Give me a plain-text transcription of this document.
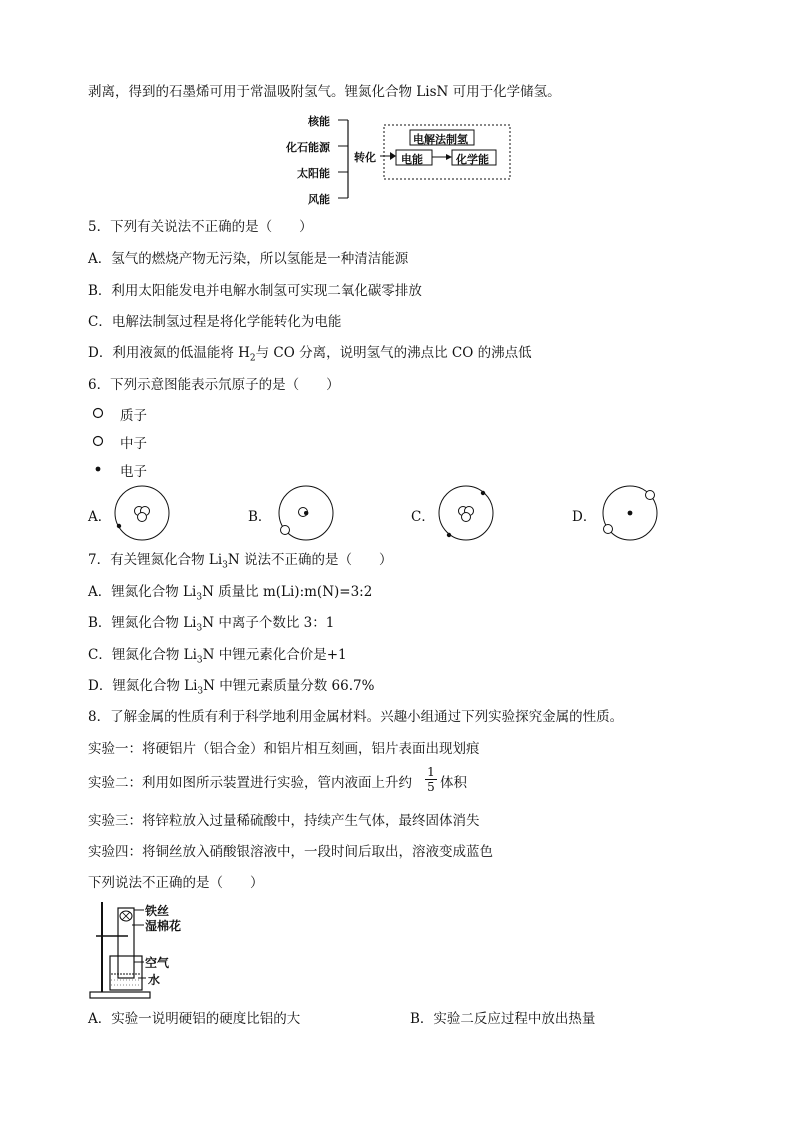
剥离，得到的石墨烯可用于常温吸附氢气。锂氮化合物 LisN 可用于化学储氢。
核能
化石能源
太阳能
风能
转化
电解法制氢
电能	化学能
5．下列有关说法不正确的是（　　）
A．氢气的燃烧产物无污染，所以氢能是一种清洁能源
B．利用太阳能发电并电解水制氢可实现二氧化碳零排放
C．电解法制氢过程是将化学能转化为电能
D．利用液氮的低温能将 $H_2$与 CO 分离，说明氢气的沸点比 CO 的沸点低
6．下列示意图能表示氘原子的是（　　）
质子
中子
电子
A．	B．	C．	D．
7．有关锂氮化合物 $Li_3N$ 说法不正确的是（　　）
A．锂氮化合物 $Li_3N$ 质量比 m(Li):m(N)=3:2
B．锂氮化合物 $Li_3N$ 中离子个数比 3：1
C．锂氮化合物 $Li_3N$ 中锂元素化合价是+1
D．锂氮化合物 $Li_3N$ 中锂元素质量分数 66.7%
8．了解金属的性质有利于科学地利用金属材料。兴趣小组通过下列实验探究金属的性质。
实验一：将硬铝片（铝合金）和铝片相互刻画，铝片表面出现划痕
实验二：利用如图所示装置进行实验，管内液面上升约 $\frac{1}{5}$ 体积
实验三：将锌粒放入过量稀硫酸中，持续产生气体，最终固体消失
实验四：将铜丝放入硝酸银溶液中，一段时间后取出，溶液变成蓝色
下列说法不正确的是（　　）
铁丝
湿棉花
空气
水
A．实验一说明硬铝的硬度比铝的大	B．实验二反应过程中放出热量
